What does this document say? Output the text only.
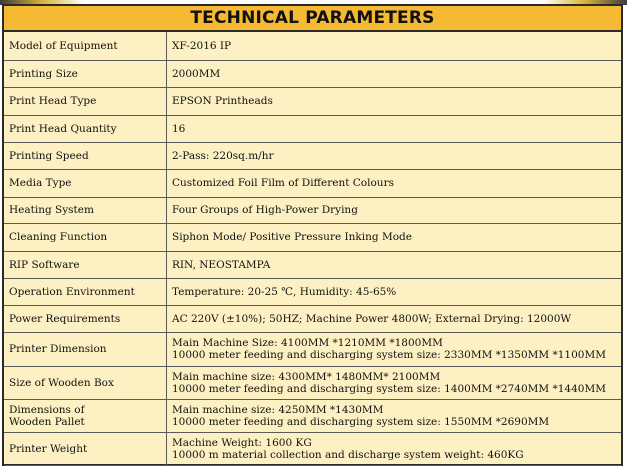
TECHNICAL PARAMETERS
Model of Equipment	XF-2016 IP

Printing Size	2000MM

Print Head Type	EPSON Printheads

Print Head Quantity	16

Printing Speed	2-Pass: 220sq.m/hr

Media Type	Customized Foil Film of Different Colours

Heating System	Four Groups of High-Power Drying

Cleaning Function	Siphon Mode/ Positive Pressure Inking Mode

RIP Software	RIN, NEOSTAMPA

Operation Environment	Temperature: 20-25 ℃, Humidity: 45-65%

Power Requirements	AC 220V (±10%); 50HZ; Machine Power 4800W; External Drying: 12000W

Printer Dimension	Main Machine Size: 4100MM *1210MM *1800MM
10000 meter feeding and discharging system size: 2330MM *1350MM *1100MM

Size of Wooden Box	Main machine size: 4300MM* 1480MM* 2100MM
10000 meter feeding and discharging system size: 1400MM *2740MM *1440MM

Dimensions of
Wooden Pallet	Main machine size: 4250MM *1430MM
10000 meter feeding and discharging system size: 1550MM *2690MM

Printer Weight	Machine Weight: 1600 KG
10000 m material collection and discharge system weight: 460KG
